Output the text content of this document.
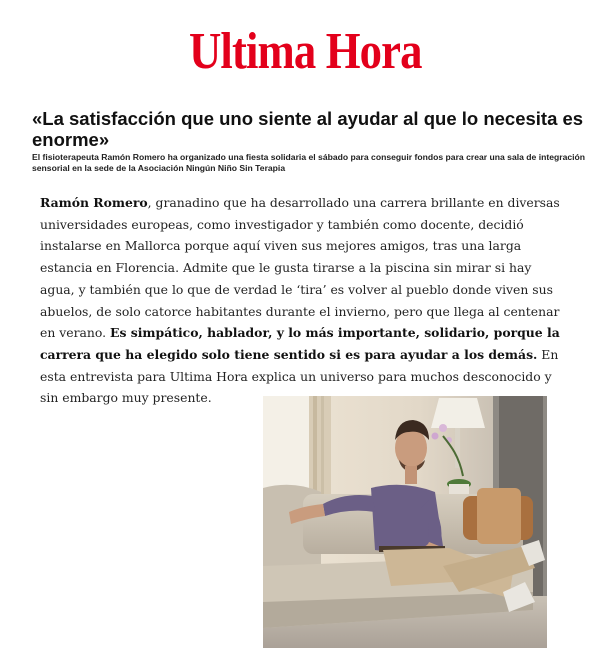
Ultima Hora
«La satisfacción que uno siente al ayudar al que lo necesita es enorme»

El fisioterapeuta Ramón Romero ha organizado una fiesta solidaria el sábado para conseguir fondos para crear una sala de integración sensorial en la sede de la Asociación Ningún Niño Sin Terapia

Ramón Romero, granadino que ha desarrollado una carrera brillante en diversas universidades europeas, como investigador y también como docente, decidió instalarse en Mallorca porque aquí viven sus mejores amigos, tras una larga estancia en Florencia. Admite que le gusta tirarse a la piscina sin mirar si hay agua, y también que lo que de verdad le ‘tira’ es volver al pueblo donde viven sus abuelos, de solo catorce habitantes durante el invierno, pero que llega al centenar en verano. Es simpático, hablador, y lo más importante, solidario, porque la carrera que ha elegido solo tiene sentido si es para ayudar a los demás. En esta entrevista para Ultima Hora explica un universo para muchos desconocido y sin embargo muy presente.
